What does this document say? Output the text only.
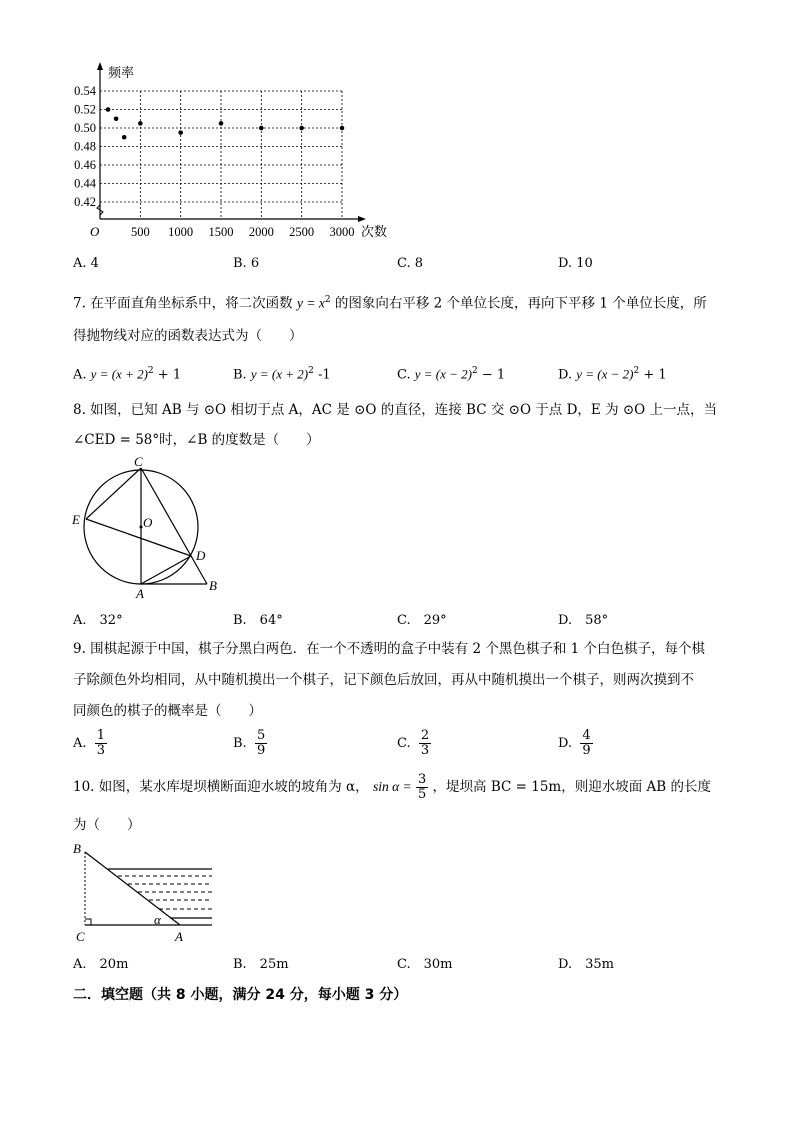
0.54
0.52
0.50
0.48
0.46
0.44
0.42
500 1000 1500 2000 2500 3000
频率
次数
O
A. 4	B. 6	C. 8	D. 10
7. 在平面直角坐标系中，将二次函数 $y = x^2$ 的图象向右平移 2 个单位长度，再向下平移 1 个单位长度，所
得抛物线对应的函数表达式为（　　）
A. $y = (x + 2)^2 + 1$	B. $y = (x + 2)^2$ -1	C. $y = (x - 2)^2 - 1$	D. $y = (x - 2)^2 + 1$
8. 如图，已知 AB 与 ⊙O 相切于点 A，AC 是 ⊙O 的直径，连接 BC 交 ⊙O 于点 D，E 为 ⊙O 上一点，当
∠CED = 58°时，∠B 的度数是（　　）
C
E	O
D
A
B
A.　32°	B.　64°	C.　29°	D.　58°
9. 围棋起源于中国，棋子分黑白两色．在一个不透明的盒子中装有 2 个黑色棋子和 1 个白色棋子，每个棋
子除颜色外均相同，从中随机摸出一个棋子，记下颜色后放回，再从中随机摸出一个棋子，则两次摸到不
同颜色的棋子的概率是（　　）
A. $\frac{1}{3}$	B. $\frac{5}{9}$	C. $\frac{2}{3}$	D. $\frac{4}{9}$
10. 如图，某水库堤坝横断面迎水坡的坡角为 α， $\sin \alpha = \frac{3}{5}$ ，堤坝高 BC = 15m，则迎水坡面 AB 的长度
为（　　）
B
C	A
α
A.　20m	B.　25m	C.　30m	D.　35m
二．填空题（共 8 小题，满分 24 分，每小题 3 分）
